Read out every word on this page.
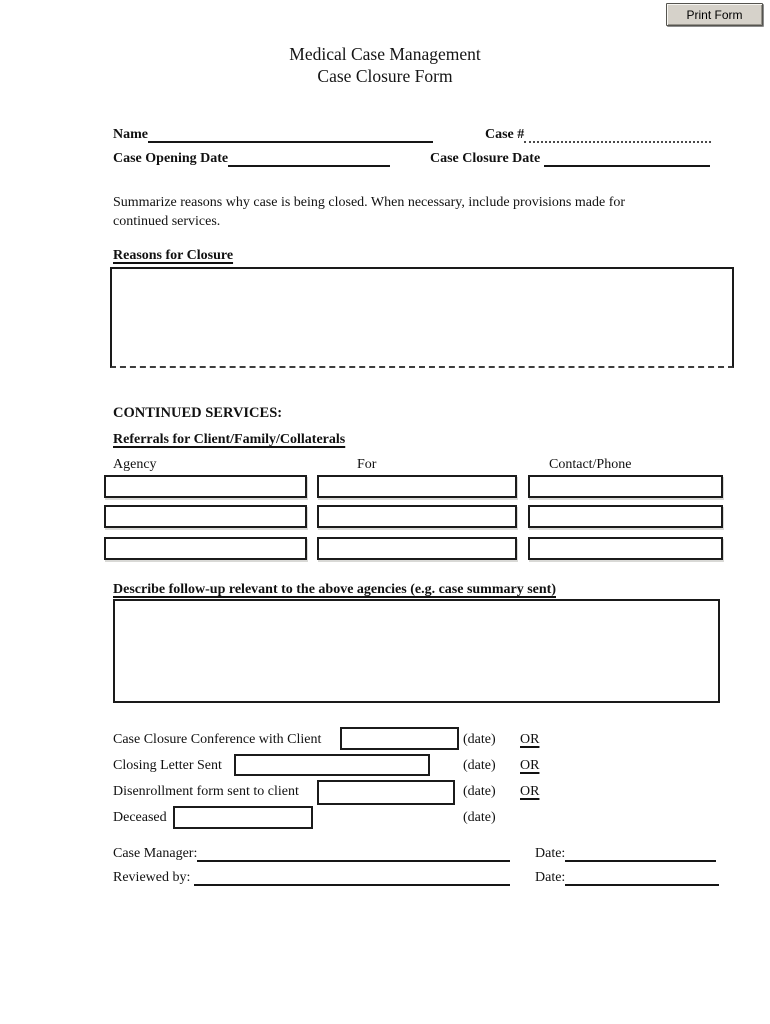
Print Form
Medical Case Management
Case Closure Form
Name	Case #
Case Opening Date	Case Closure Date
Summarize reasons why case is being closed. When necessary, include provisions made for continued services.
Reasons for Closure
CONTINUED SERVICES:
Referrals for Client/Family/Collaterals
Agency	For	Contact/Phone
Describe follow-up relevant to the above agencies (e.g. case summary sent)
Case Closure Conference with Client	(date) OR
Closing Letter Sent	(date) OR
Disenrollment form sent to client	(date) OR
Deceased	(date)
Case Manager:	Date:
Reviewed by:	Date:
